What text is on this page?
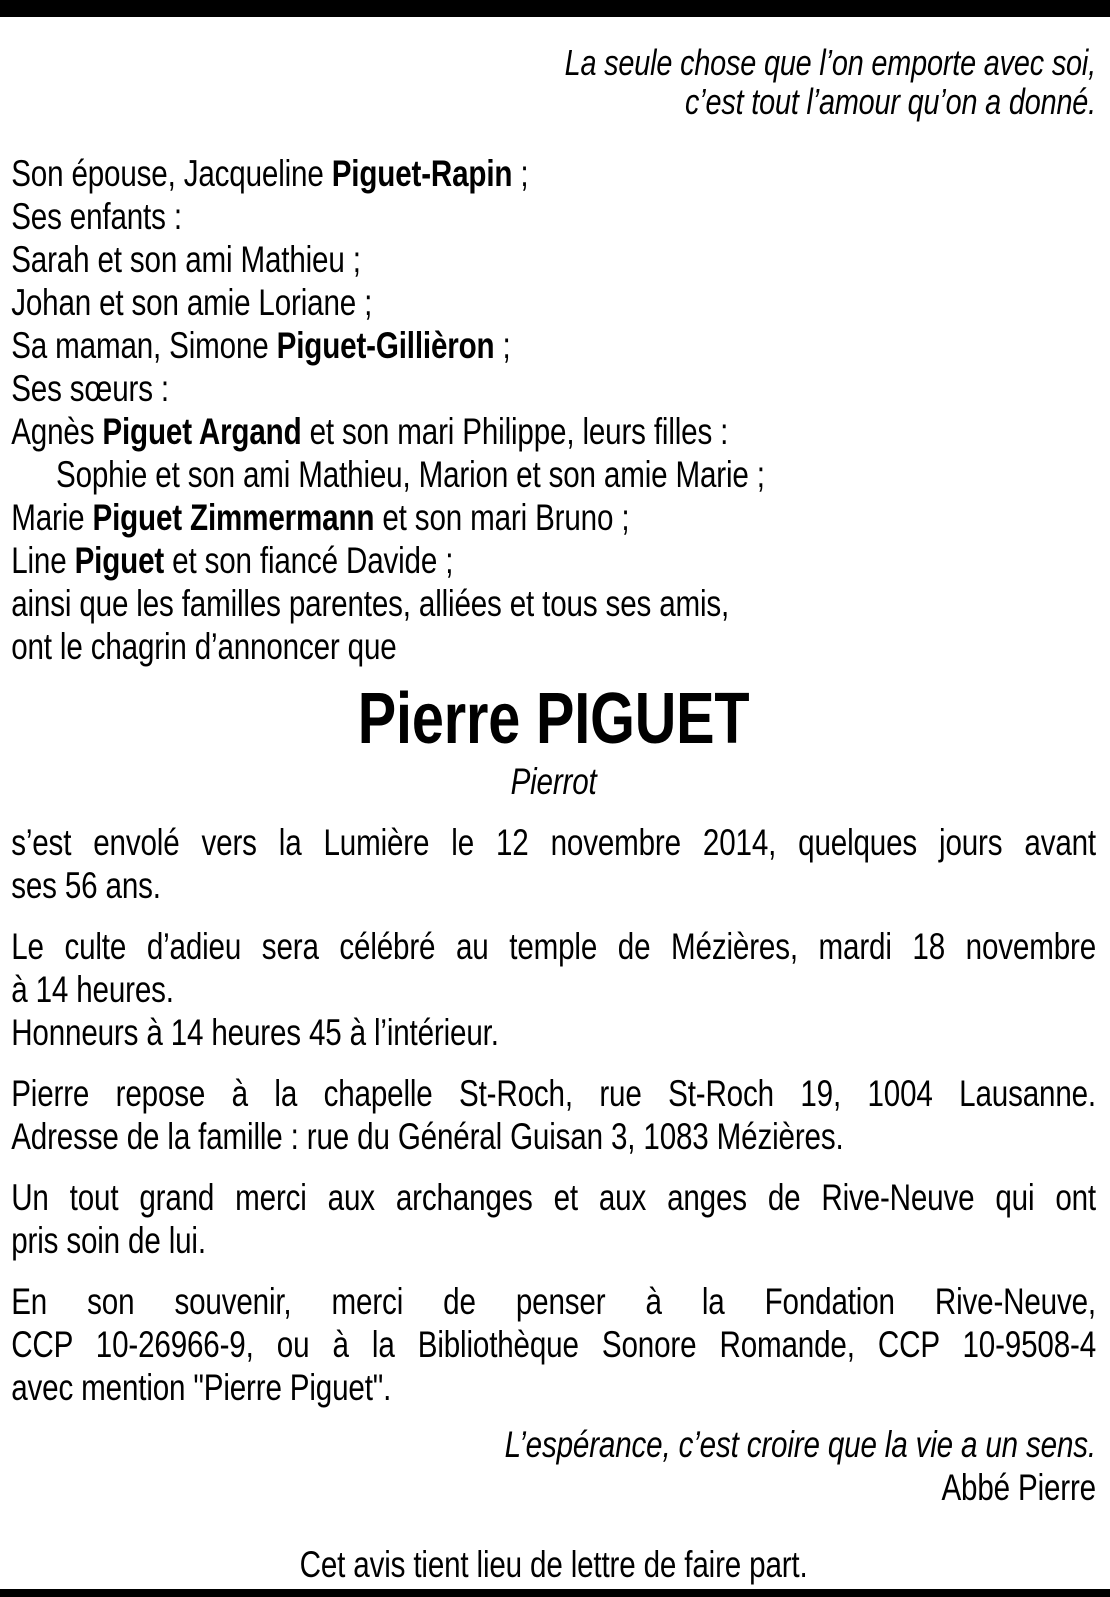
La seule chose que l’on emporte avec soi,
c’est tout l’amour qu’on a donné.
Son épouse, Jacqueline Piguet-Rapin ;
Ses enfants :
Sarah et son ami Mathieu ;
Johan et son amie Loriane ;
Sa maman, Simone Piguet-Gillièron ;
Ses sœurs :
Agnès Piguet Argand et son mari Philippe, leurs filles :
Sophie et son ami Mathieu, Marion et son amie Marie ;
Marie Piguet Zimmermann et son mari Bruno ;
Line Piguet et son fiancé Davide ;
ainsi que les familles parentes, alliées et tous ses amis,
ont le chagrin d’annoncer que
Pierre PIGUET
Pierrot
s’est envolé vers la Lumière le 12 novembre 2014, quelques jours avant
ses 56 ans.
Le culte d’adieu sera célébré au temple de Mézières, mardi 18 novembre
à 14 heures.
Honneurs à 14 heures 45 à l’intérieur.
Pierre repose à la chapelle St-Roch, rue St-Roch 19, 1004 Lausanne.
Adresse de la famille : rue du Général Guisan 3, 1083 Mézières.
Un tout grand merci aux archanges et aux anges de Rive-Neuve qui ont
pris soin de lui.
En son souvenir, merci de penser à la Fondation Rive-Neuve,
CCP 10-26966-9, ou à la Bibliothèque Sonore Romande, CCP 10-9508-4
avec mention "Pierre Piguet".
L’espérance, c’est croire que la vie a un sens.
Abbé Pierre
Cet avis tient lieu de lettre de faire part.
